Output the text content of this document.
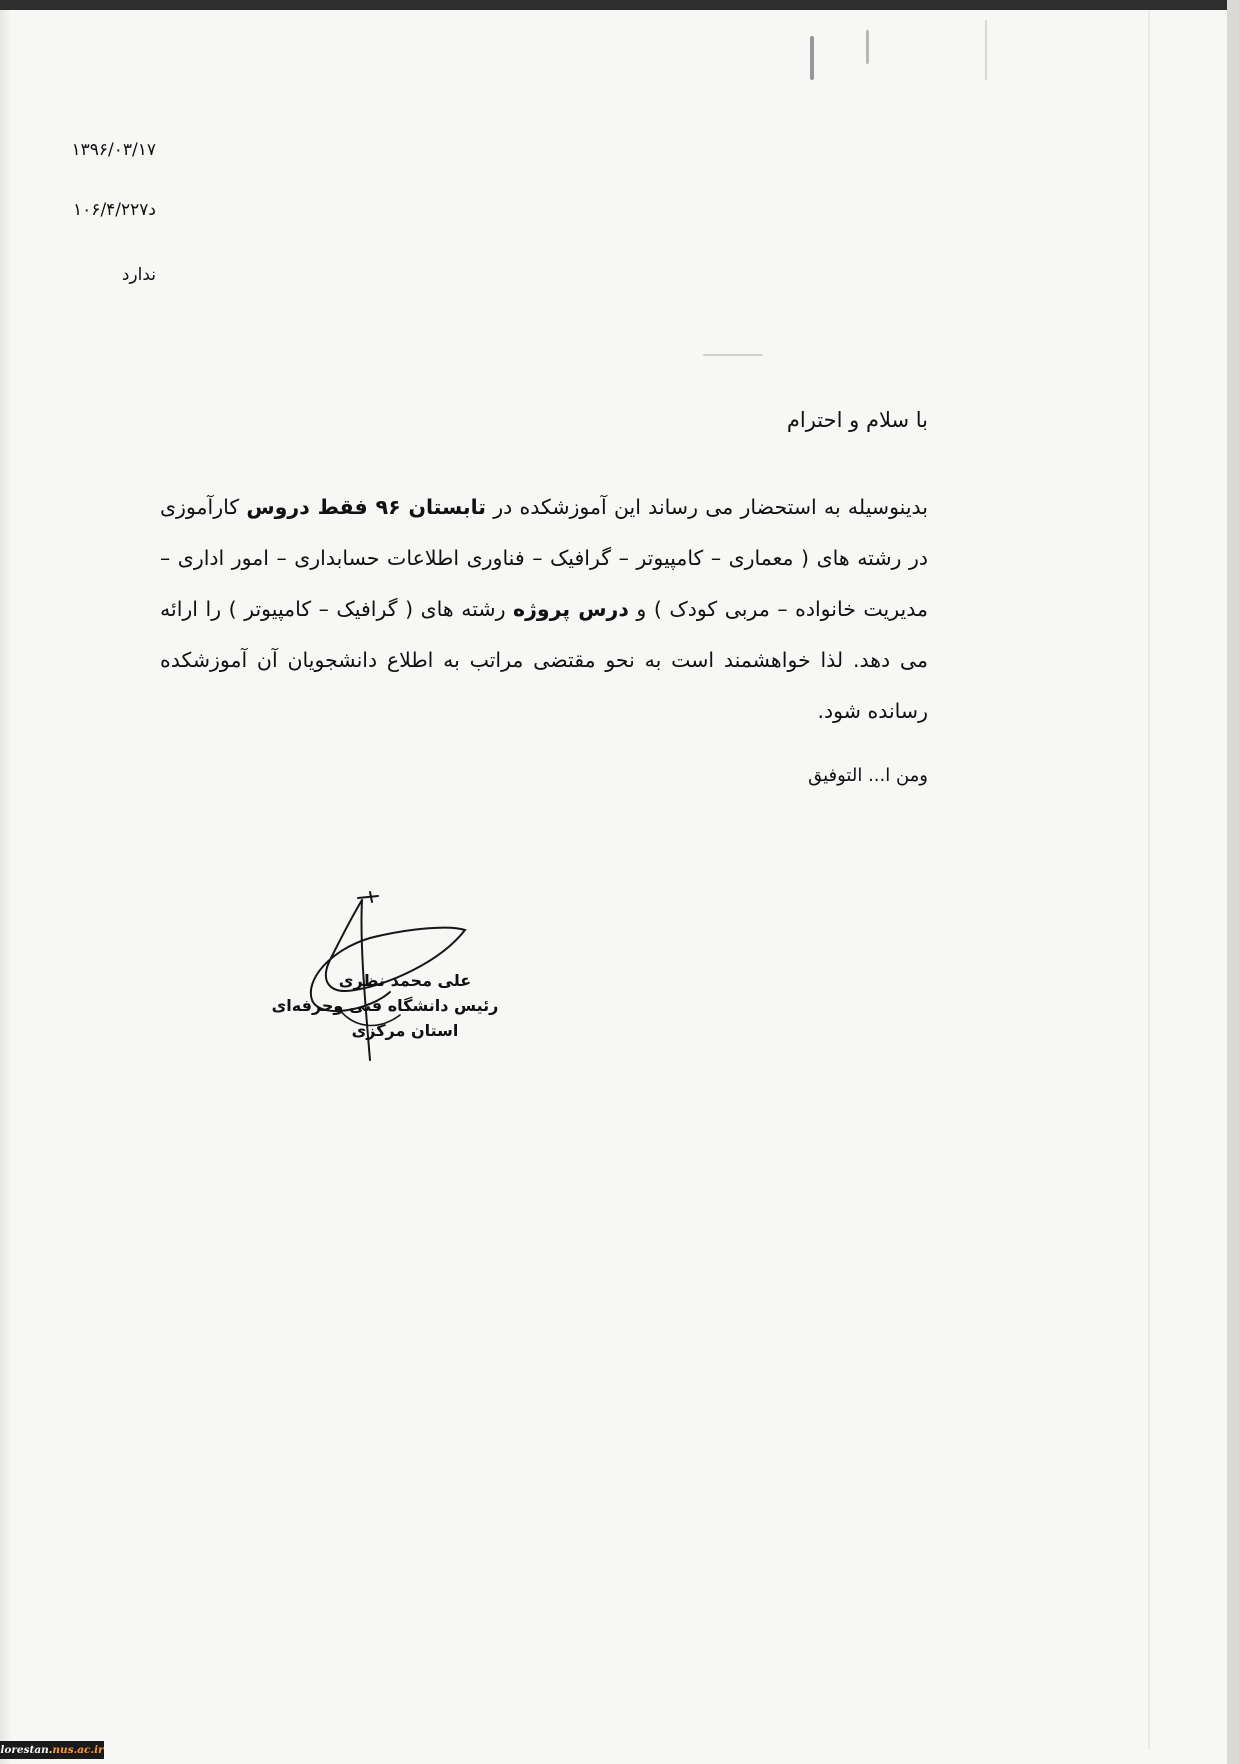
۱۳۹۶/۰۳/۱۷
۱۰۶/۴/۲۲۷د
ندارد
با سلام و احترام
بدینوسیله به استحضار می رساند این آموزشکده در تابستان ۹۶ فقط دروس کارآموزی در رشته های ( معماری – کامپیوتر – گرافیک – فناوری اطلاعات حسابداری – امور اداری – مدیریت خانواده – مربی کودک ) و درس پروژه رشته های ( گرافیک – کامپیوتر ) را ارائه می دهد. لذا خواهشمند است به نحو مقتضی مراتب به اطلاع دانشجویان آن آموزشکده رسانده شود.
ومن ا... التوفیق
علی محمد نظری
رئیس دانشگاه فنی وحرفه‌ای
استان مرکزی
lorestan.nus.ac.ir
